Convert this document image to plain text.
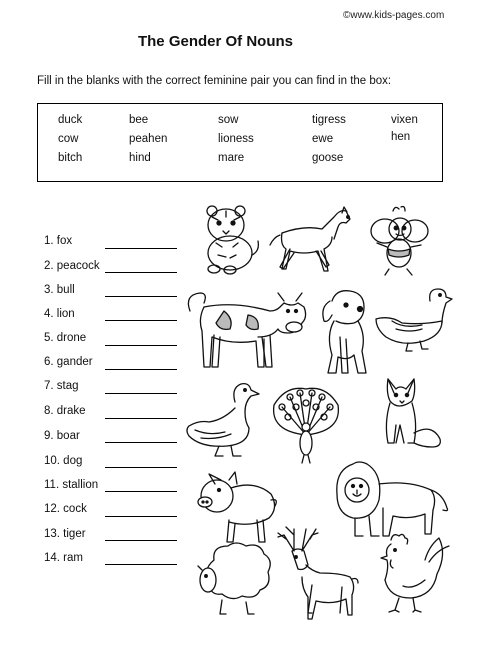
©www.kids-pages.com
The Gender Of Nouns
Fill in the blanks with the correct feminine pair you can find in the box:
duck
cow
bitch
bee
peahen
hind
sow
lioness
mare
tigress
ewe
goose
vixen
hen
1. fox
2. peacock
3. bull
4. lion
5. drone
6. gander
7. stag
8. drake
9. boar
10. dog
11. stallion
12. cock
13. tiger
14. ram
